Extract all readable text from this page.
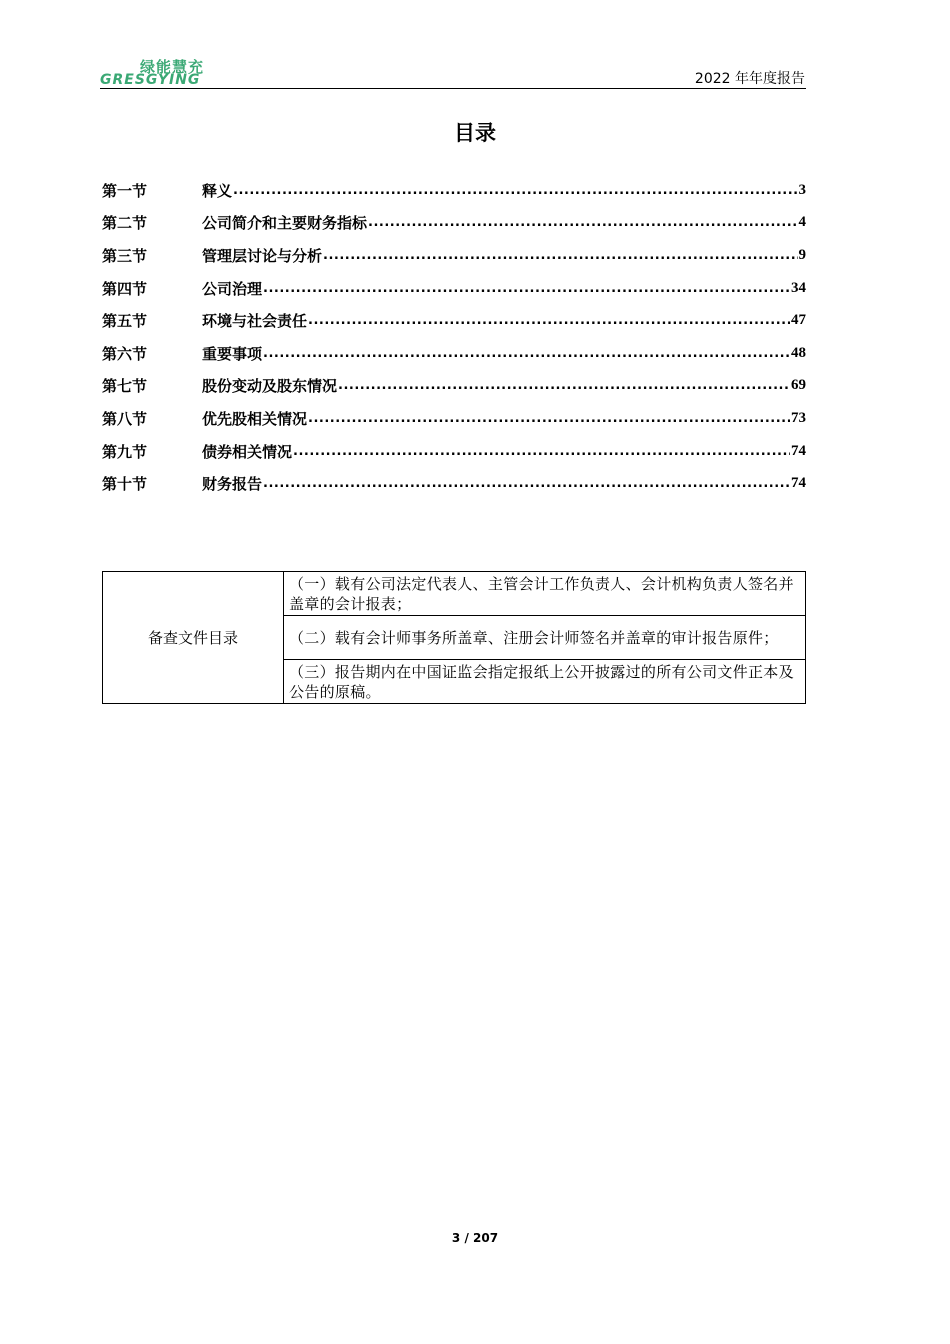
绿能慧充
GRESGYING	2022 年年度报告
目录
第一节	释义 .....	3
第二节	公司简介和主要财务指标 .....	4
第三节	管理层讨论与分析 .....	9
第四节	公司治理 .....	34
第五节	环境与社会责任 .....	47
第六节	重要事项 .....	48
第七节	股份变动及股东情况 .....	69
第八节	优先股相关情况 .....	73
第九节	债券相关情况 .....	74
第十节	财务报告 .....	74
备查文件目录	（一）载有公司法定代表人、主管会计工作负责人、会计机构负责人签名并盖章的会计报表；
（二）载有会计师事务所盖章、注册会计师签名并盖章的审计报告原件；
（三）报告期内在中国证监会指定报纸上公开披露过的所有公司文件正本及公告的原稿。
3 / 207
